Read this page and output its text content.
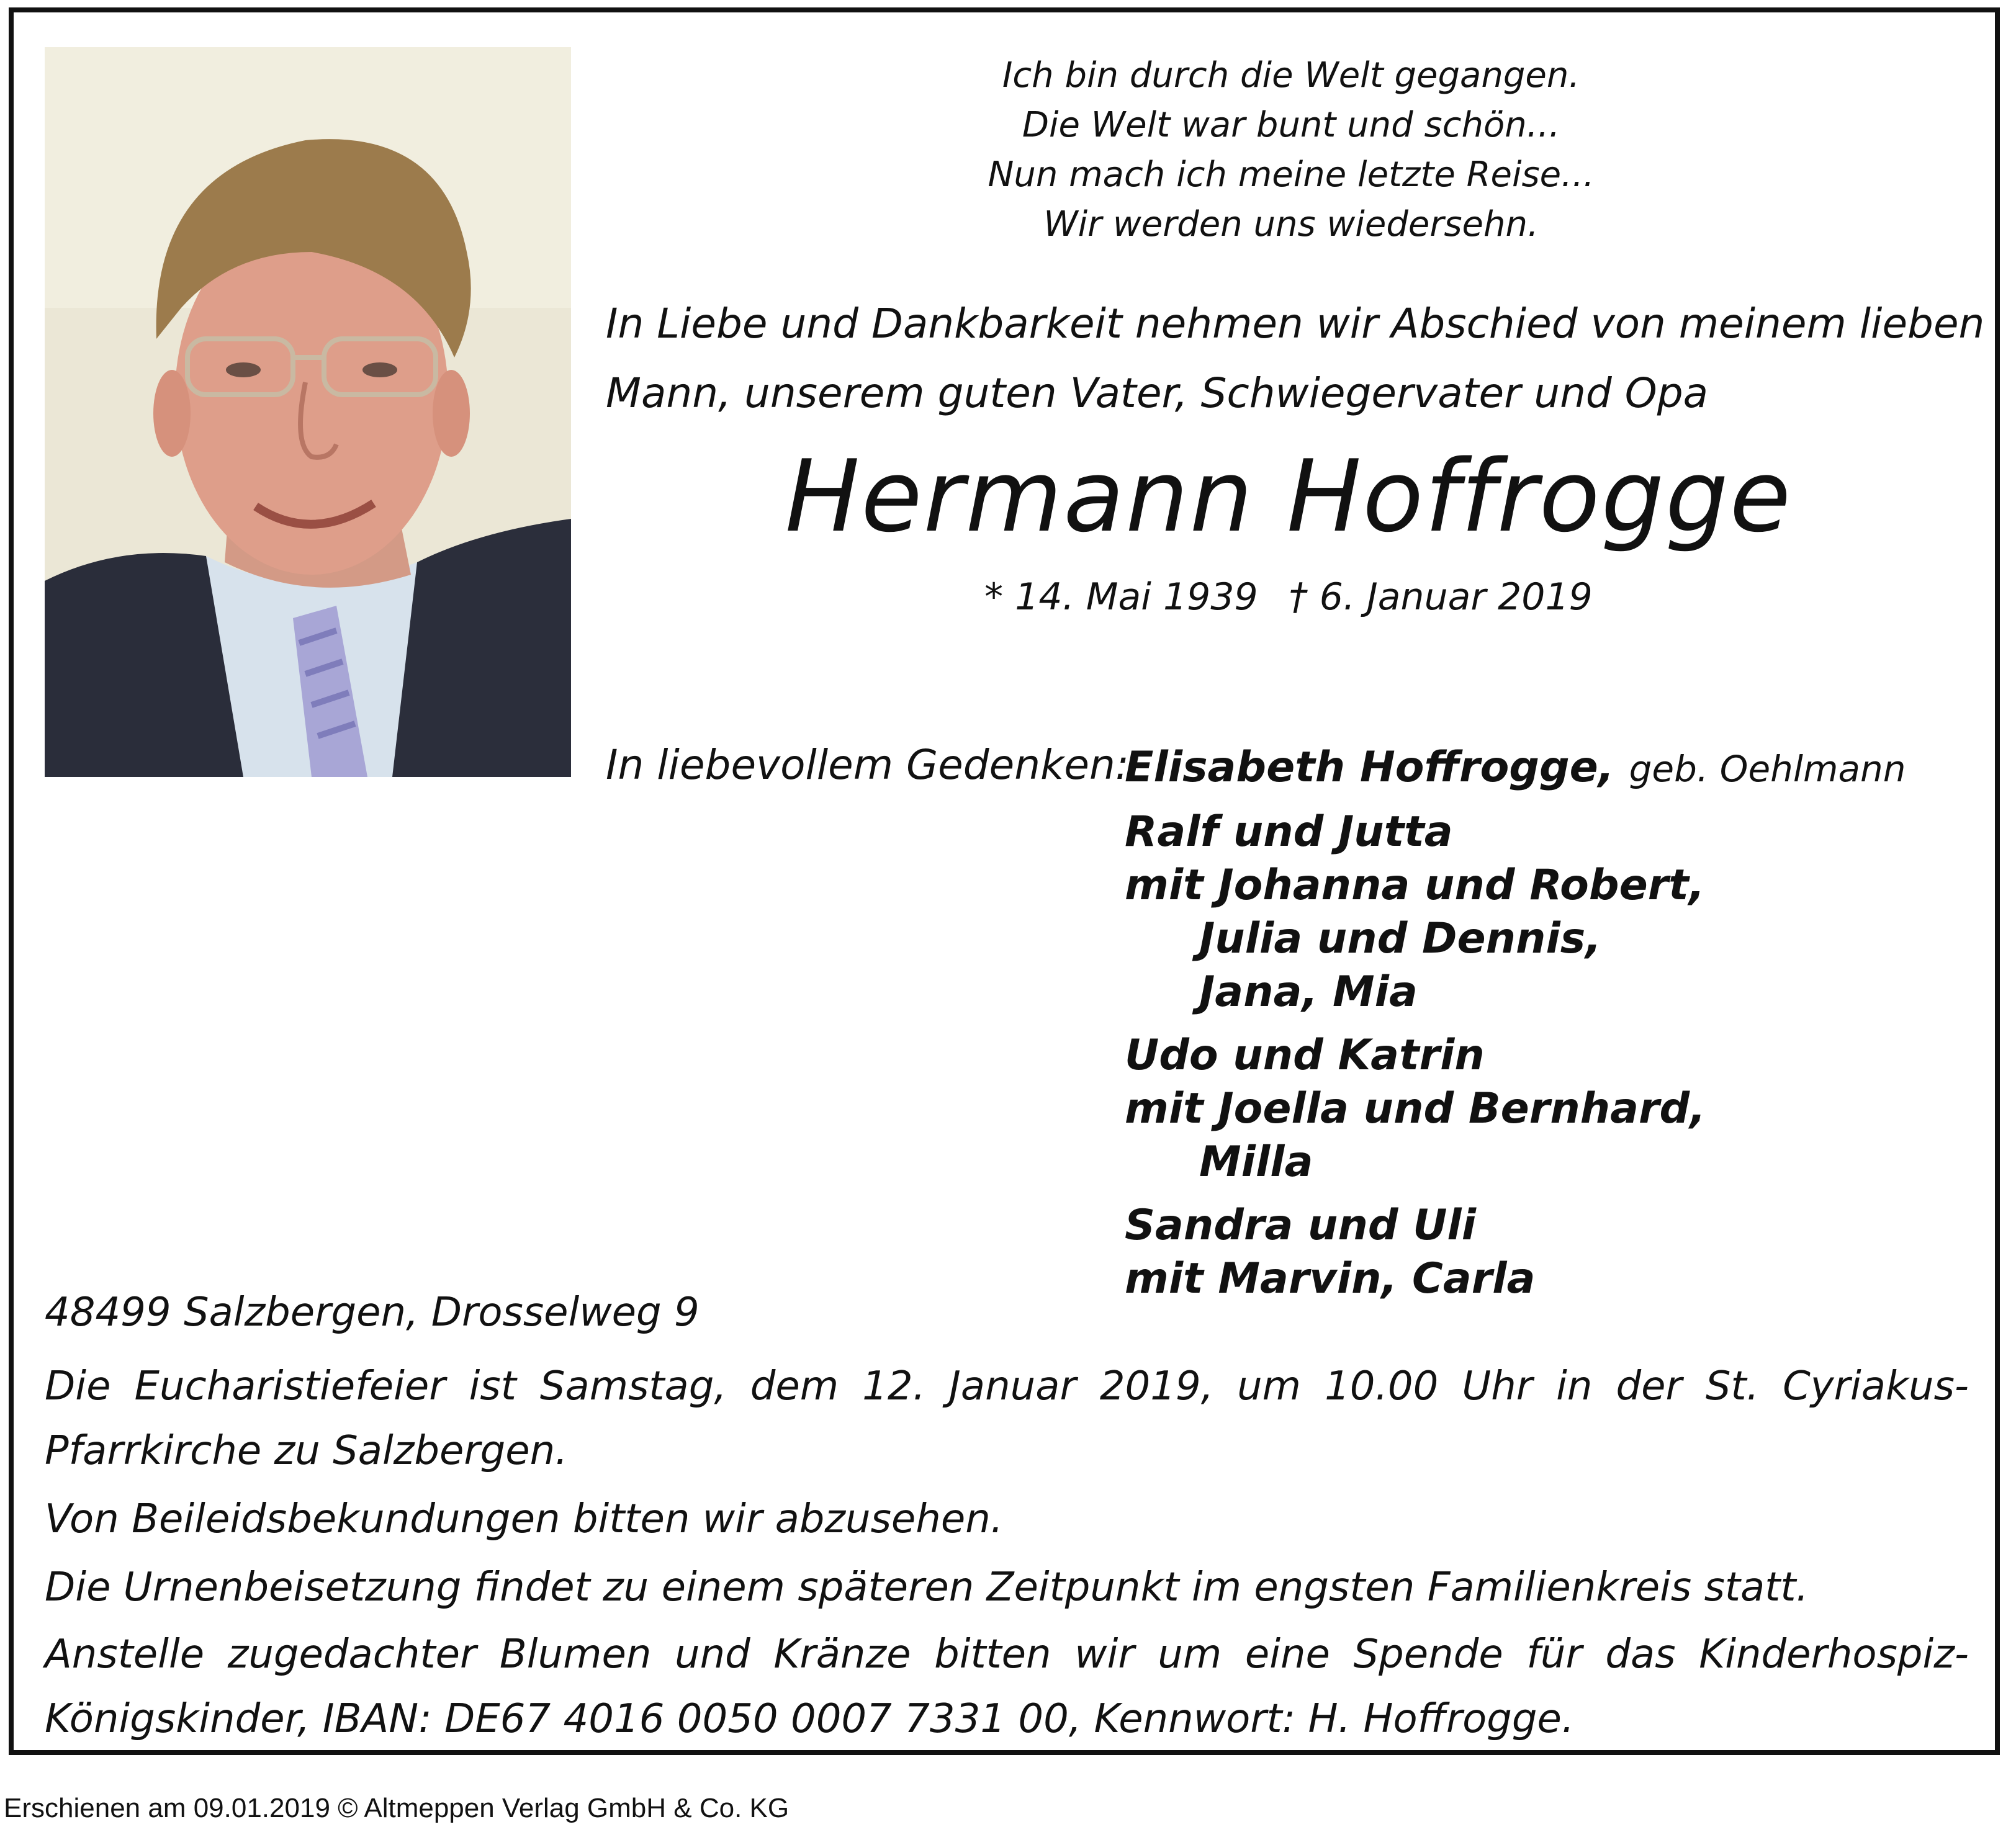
Ich bin durch die Welt gegangen.
Die Welt war bunt und schön...
Nun mach ich meine letzte Reise...
Wir werden uns wiedersehn.
In Liebe und Dankbarkeit nehmen wir Abschied von meinem lieben
Mann, unserem guten Vater, Schwiegervater und Opa
Hermann Hoffrogge
* 14. Mai 1939 † 6. Januar 2019
In liebevollem Gedenken:
Elisabeth Hoffrogge, geb. Oehlmann
Ralf und Jutta
mit Johanna und Robert,
Julia und Dennis,
Jana, Mia
Udo und Katrin
mit Joella und Bernhard,
Milla
Sandra und Uli
mit Marvin, Carla
48499 Salzbergen, Drosselweg 9
Die Eucharistiefeier ist Samstag, dem 12. Januar 2019, um 10.00 Uhr in der St. Cyriakus-Pfarrkirche zu Salzbergen.
Von Beileidsbekundungen bitten wir abzusehen.
Die Urnenbeisetzung findet zu einem späteren Zeitpunkt im engsten Familienkreis statt.
Anstelle zugedachter Blumen und Kränze bitten wir um eine Spende für das Kinderhospiz-Königskinder, IBAN: DE67 4016 0050 0007 7331 00, Kennwort: H. Hoffrogge.
Erschienen am 09.01.2019 © Altmeppen Verlag GmbH & Co. KG
